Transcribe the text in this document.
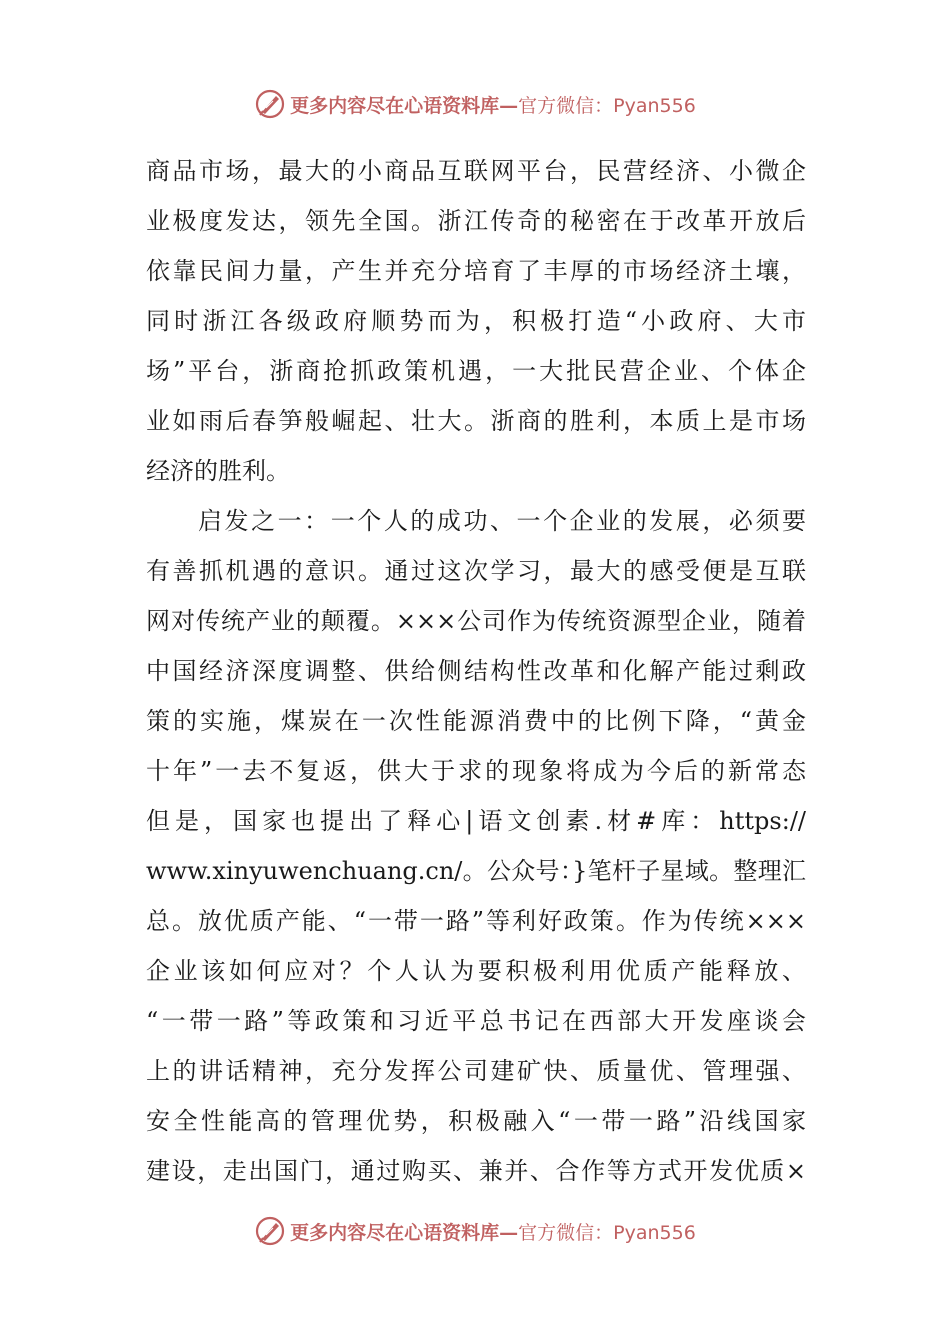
更多内容尽在心语资料库— 官方微信：Pyan556
商品市场，最大的小商品互联网平台，民营经济、小微企
业极度发达，领先全国。浙江传奇的秘密在于改革开放后
依靠民间力量，产生并充分培育了丰厚的市场经济土壤，
同时浙江各级政府顺势而为，积极打造“小政府、大市
场”平台，浙商抢抓政策机遇，一大批民营企业、个体企
业如雨后春笋般崛起、壮大。浙商的胜利，本质上是市场
经济的胜利。
启发之一：一个人的成功、一个企业的发展，必须要
有善抓机遇的意识。通过这次学习，最大的感受便是互联
网对传统产业的颠覆。×××公司作为传统资源型企业，随着
中国经济深度调整、供给侧结构性改革和化解产能过剩政
策的实施，煤炭在一次性能源消费中的比例下降，“黄金
十年”一去不复返，供大于求的现象将成为今后的新常态
但是，国家也提出了释心|语文创素.材#库：https://
www.xinyuwenchuang.cn/。公众号：}笔杆子星域。整理汇
总。放优质产能、“一带一路”等利好政策。作为传统×××
企业该如何应对？个人认为要积极利用优质产能释放、
“一带一路”等政策和习近平总书记在西部大开发座谈会
上的讲话精神，充分发挥公司建矿快、质量优、管理强、
安全性能高的管理优势，积极融入“一带一路”沿线国家
建设，走出国门，通过购买、兼并、合作等方式开发优质×
更多内容尽在心语资料库— 官方微信：Pyan556
